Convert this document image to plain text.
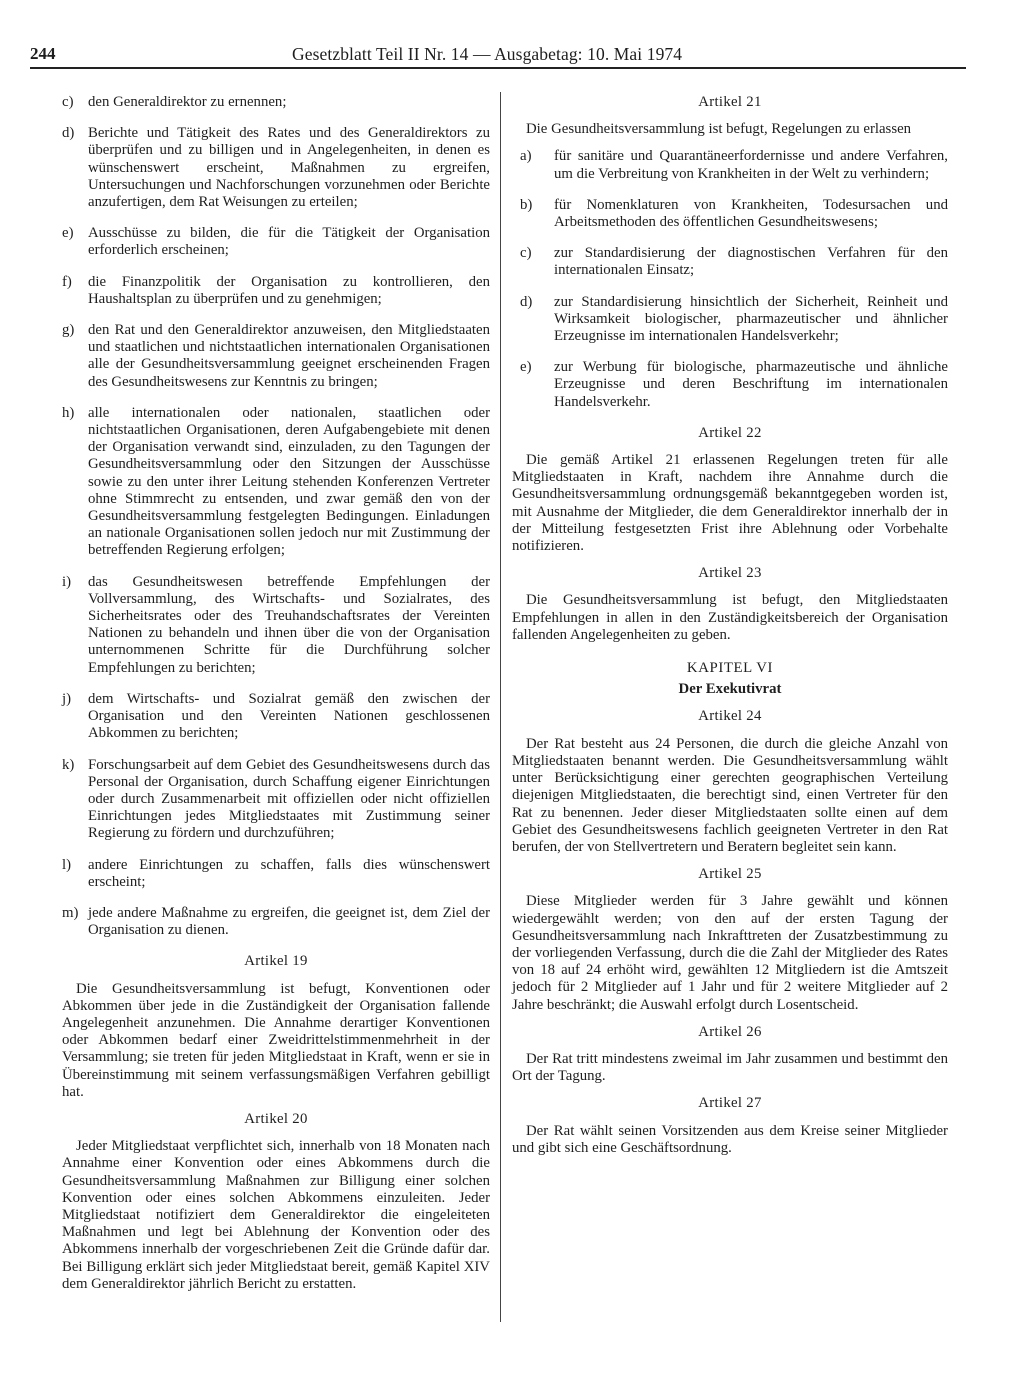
244	Gesetzblatt Teil II Nr. 14 — Ausgabetag: 10. Mai 1974
c) den Generaldirektor zu ernennen;
d) Berichte und Tätigkeit des Rates und des Generaldirektors zu überprüfen und zu billigen und in Angelegenheiten, in denen es wünschenswert erscheint, Maßnahmen zu ergreifen, Untersuchungen und Nachforschungen vorzunehmen oder Berichte anzufertigen, dem Rat Weisungen zu erteilen;
e) Ausschüsse zu bilden, die für die Tätigkeit der Organisation erforderlich erscheinen;
f) die Finanzpolitik der Organisation zu kontrollieren, den Haushaltsplan zu überprüfen und zu genehmigen;
g) den Rat und den Generaldirektor anzuweisen, den Mitgliedstaaten und staatlichen und nichtstaatlichen internationalen Organisationen alle der Gesundheitsversammlung geeignet erscheinenden Fragen des Gesundheitswesens zur Kenntnis zu bringen;
h) alle internationalen oder nationalen, staatlichen oder nichtstaatlichen Organisationen, deren Aufgabengebiete mit denen der Organisation verwandt sind, einzuladen, zu den Tagungen der Gesundheitsversammlung oder den Sitzungen der Ausschüsse sowie zu den unter ihrer Leitung stehenden Konferenzen Vertreter ohne Stimmrecht zu entsenden, und zwar gemäß den von der Gesundheitsversammlung festgelegten Bedingungen. Einladungen an nationale Organisationen sollen jedoch nur mit Zustimmung der betreffenden Regierung erfolgen;
i) das Gesundheitswesen betreffende Empfehlungen der Vollversammlung, des Wirtschafts- und Sozialrates, des Sicherheitsrates oder des Treuhandschaftsrates der Vereinten Nationen zu behandeln und ihnen über die von der Organisation unternommenen Schritte für die Durchführung solcher Empfehlungen zu berichten;
j) dem Wirtschafts- und Sozialrat gemäß den zwischen der Organisation und den Vereinten Nationen geschlossenen Abkommen zu berichten;
k) Forschungsarbeit auf dem Gebiet des Gesundheitswesens durch das Personal der Organisation, durch Schaffung eigener Einrichtungen oder durch Zusammenarbeit mit offiziellen oder nicht offiziellen Einrichtungen jedes Mitgliedstaates mit Zustimmung seiner Regierung zu fördern und durchzuführen;
l) andere Einrichtungen zu schaffen, falls dies wünschenswert erscheint;
m) jede andere Maßnahme zu ergreifen, die geeignet ist, dem Ziel der Organisation zu dienen.
Artikel 19

Die Gesundheitsversammlung ist befugt, Konventionen oder Abkommen über jede in die Zuständigkeit der Organisation fallende Angelegenheit anzunehmen. Die Annahme derartiger Konventionen oder Abkommen bedarf einer Zweidrittelstimmenmehrheit in der Versammlung; sie treten für jeden Mitgliedstaat in Kraft, wenn er sie in Übereinstimmung mit seinem verfassungsmäßigen Verfahren gebilligt hat.

Artikel 20

Jeder Mitgliedstaat verpflichtet sich, innerhalb von 18 Monaten nach Annahme einer Konvention oder eines Abkommens durch die Gesundheitsversammlung Maßnahmen zur Billigung einer solchen Konvention oder eines solchen Abkommens einzuleiten. Jeder Mitgliedstaat notifiziert dem Generaldirektor die eingeleiteten Maßnahmen und legt bei Ablehnung der Konvention oder des Abkommens innerhalb der vorgeschriebenen Zeit die Gründe dafür dar. Bei Billigung erklärt sich jeder Mitgliedstaat bereit, gemäß Kapitel XIV dem Generaldirektor jährlich Bericht zu erstatten.

Artikel 21

Die Gesundheitsversammlung ist befugt, Regelungen zu erlassen

a) für sanitäre und Quarantäneerfordernisse und andere Verfahren, um die Verbreitung von Krankheiten in der Welt zu verhindern;
b) für Nomenklaturen von Krankheiten, Todesursachen und Arbeitsmethoden des öffentlichen Gesundheitswesens;
c) zur Standardisierung der diagnostischen Verfahren für den internationalen Einsatz;
d) zur Standardisierung hinsichtlich der Sicherheit, Reinheit und Wirksamkeit biologischer, pharmazeutischer und ähnlicher Erzeugnisse im internationalen Handelsverkehr;
e) zur Werbung für biologische, pharmazeutische und ähnliche Erzeugnisse und deren Beschriftung im internationalen Handelsverkehr.
Artikel 22

Die gemäß Artikel 21 erlassenen Regelungen treten für alle Mitgliedstaaten in Kraft, nachdem ihre Annahme durch die Gesundheitsversammlung ordnungsgemäß bekanntgegeben worden ist, mit Ausnahme der Mitglieder, die dem Generaldirektor innerhalb der in der Mitteilung festgesetzten Frist ihre Ablehnung oder Vorbehalte notifizieren.

Artikel 23

Die Gesundheitsversammlung ist befugt, den Mitgliedstaaten Empfehlungen in allen in den Zuständigkeitsbereich der Organisation fallenden Angelegenheiten zu geben.

KAPITEL VI
Der Exekutivrat
Artikel 24

Der Rat besteht aus 24 Personen, die durch die gleiche Anzahl von Mitgliedstaaten benannt werden. Die Gesundheitsversammlung wählt unter Berücksichtigung einer gerechten geographischen Verteilung diejenigen Mitgliedstaaten, die berechtigt sind, einen Vertreter für den Rat zu benennen. Jeder dieser Mitgliedstaaten sollte einen auf dem Gebiet des Gesundheitswesens fachlich geeigneten Vertreter in den Rat berufen, der von Stellvertretern und Beratern begleitet sein kann.

Artikel 25

Diese Mitglieder werden für 3 Jahre gewählt und können wiedergewählt werden; von den auf der ersten Tagung der Gesundheitsversammlung nach Inkrafttreten der Zusatzbestimmung zu der vorliegenden Verfassung, durch die die Zahl der Mitglieder des Rates von 18 auf 24 erhöht wird, gewählten 12 Mitgliedern ist die Amtszeit jedoch für 2 Mitglieder auf 1 Jahr und für 2 weitere Mitglieder auf 2 Jahre beschränkt; die Auswahl erfolgt durch Losentscheid.

Artikel 26

Der Rat tritt mindestens zweimal im Jahr zusammen und bestimmt den Ort der Tagung.

Artikel 27

Der Rat wählt seinen Vorsitzenden aus dem Kreise seiner Mitglieder und gibt sich eine Geschäftsordnung.
